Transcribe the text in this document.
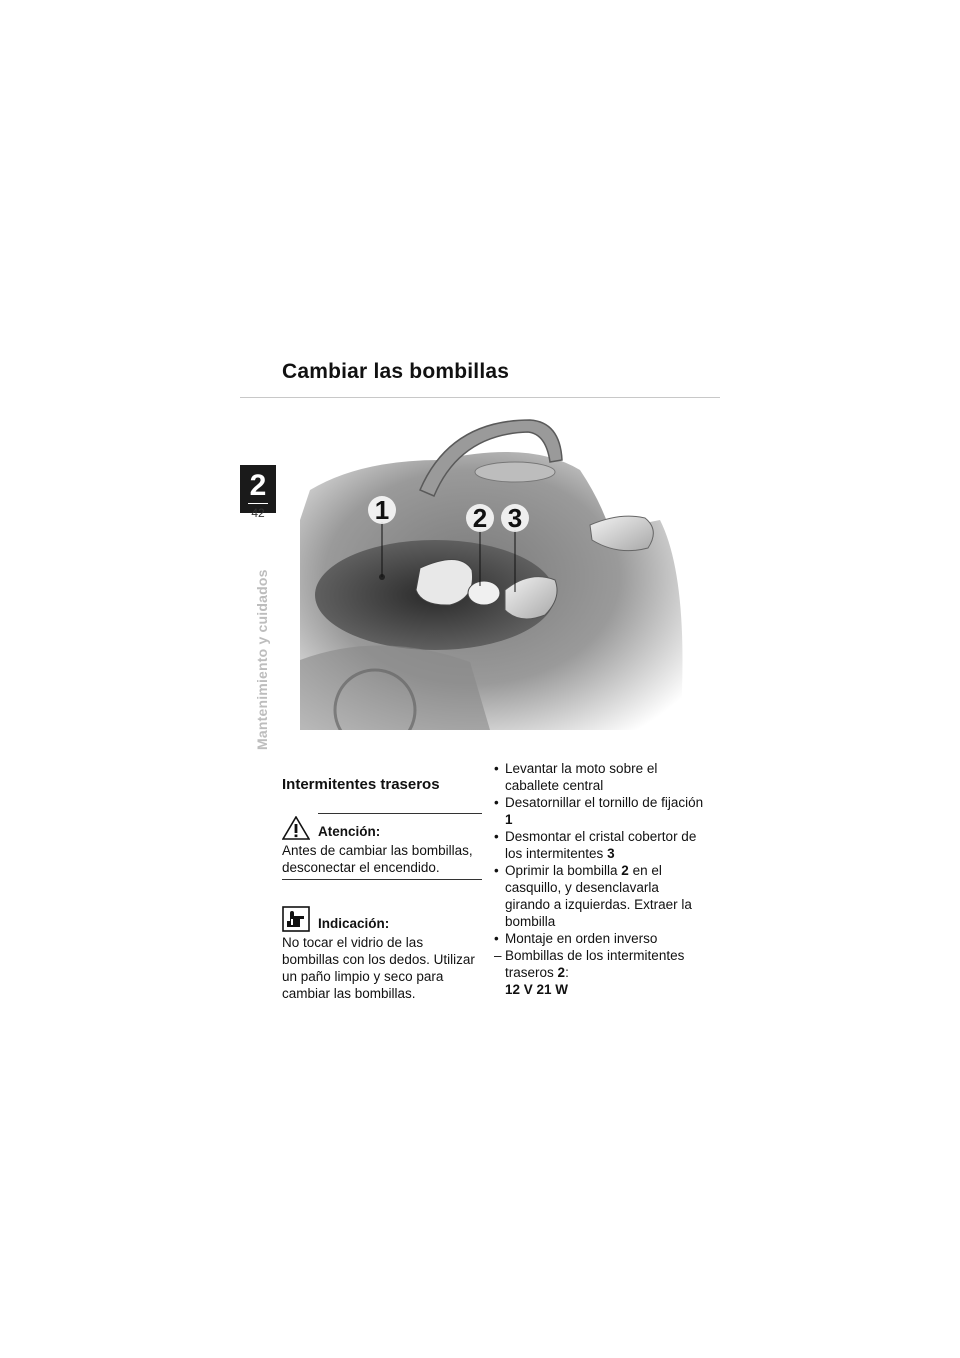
Cambiar las bombillas
2
42
Mantenimiento y cuidados
1	2 3
Intermitentes traseros
Atención:

Antes de cambiar las bombillas, desconectar el encendido.

Indicación:

No tocar el vidrio de las bombillas con los dedos. Utilizar un paño limpio y seco para cambiar las bombillas.

• Levantar la moto sobre el caballete central
• Desatornillar el tornillo de fijación 1
• Desmontar el cristal cobertor de los intermitentes 3
• Oprimir la bombilla 2 en el casquillo, y desenclavarla girando a izquierdas. Extraer la bombilla
• Montaje en orden inverso
– Bombillas de los intermitentes traseros 2:
12 V 21 W
